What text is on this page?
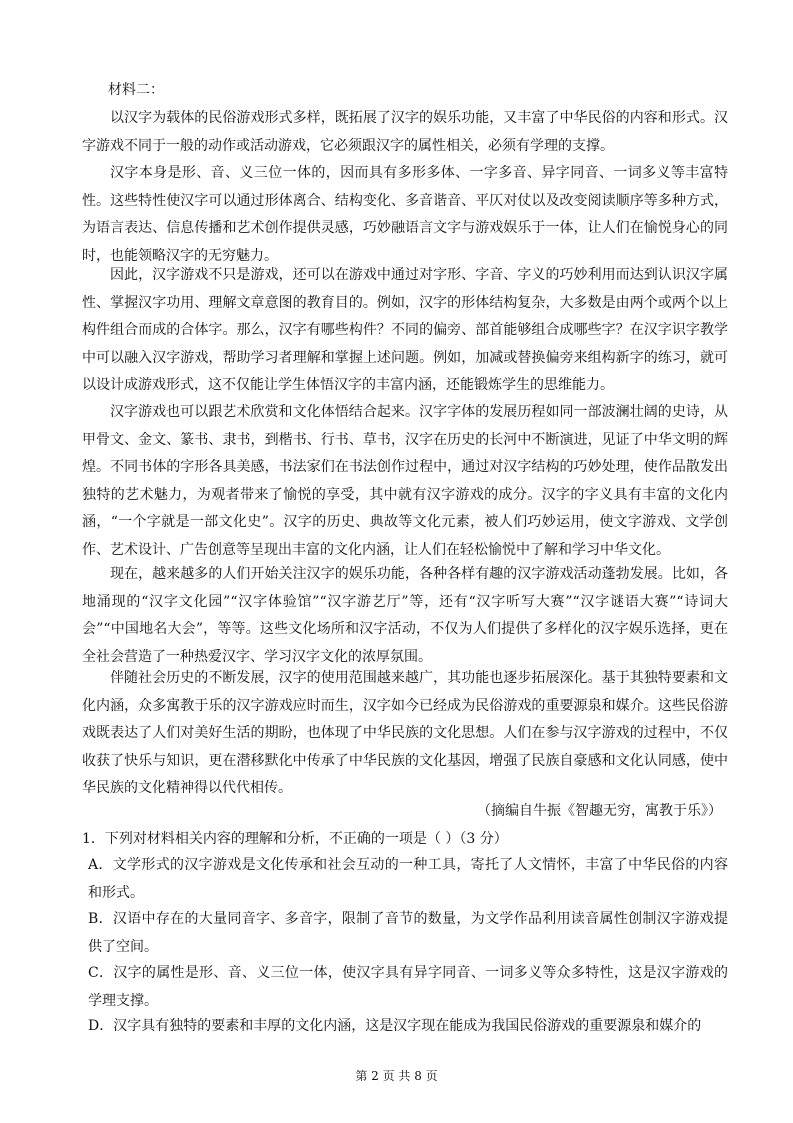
材料二：

以汉字为载体的民俗游戏形式多样，既拓展了汉字的娱乐功能，又丰富了中华民俗的内容和形式。汉字游戏不同于一般的动作或活动游戏，它必须跟汉字的属性相关，必须有学理的支撑。

汉字本身是形、音、义三位一体的，因而具有多形多体、一字多音、异字同音、一词多义等丰富特性。这些特性使汉字可以通过形体离合、结构变化、多音谐音、平仄对仗以及改变阅读顺序等多种方式，为语言表达、信息传播和艺术创作提供灵感，巧妙融语言文字与游戏娱乐于一体，让人们在愉悦身心的同时，也能领略汉字的无穷魅力。

因此，汉字游戏不只是游戏，还可以在游戏中通过对字形、字音、字义的巧妙利用而达到认识汉字属性、掌握汉字功用、理解文章意图的教育目的。例如，汉字的形体结构复杂，大多数是由两个或两个以上构件组合而成的合体字。那么，汉字有哪些构件？不同的偏旁、部首能够组合成哪些字？在汉字识字教学中可以融入汉字游戏，帮助学习者理解和掌握上述问题。例如，加减或替换偏旁来组构新字的练习，就可以设计成游戏形式，这不仅能让学生体悟汉字的丰富内涵，还能锻炼学生的思维能力。

汉字游戏也可以跟艺术欣赏和文化体悟结合起来。汉字字体的发展历程如同一部波澜壮阔的史诗，从甲骨文、金文、篆书、隶书，到楷书、行书、草书，汉字在历史的长河中不断演进，见证了中华文明的辉煌。不同书体的字形各具美感，书法家们在书法创作过程中，通过对汉字结构的巧妙处理，使作品散发出独特的艺术魅力，为观者带来了愉悦的享受，其中就有汉字游戏的成分。汉字的字义具有丰富的文化内涵，“一个字就是一部文化史”。汉字的历史、典故等文化元素，被人们巧妙运用，使文字游戏、文学创作、艺术设计、广告创意等呈现出丰富的文化内涵，让人们在轻松愉悦中了解和学习中华文化。

现在，越来越多的人们开始关注汉字的娱乐功能，各种各样有趣的汉字游戏活动蓬勃发展。比如，各地涌现的“汉字文化园”“汉字体验馆”“汉字游艺厅”等，还有“汉字听写大赛”“汉字谜语大赛”“诗词大会”“中国地名大会”，等等。这些文化场所和汉字活动，不仅为人们提供了多样化的汉字娱乐选择，更在全社会营造了一种热爱汉字、学习汉字文化的浓厚氛围。

伴随社会历史的不断发展，汉字的使用范围越来越广，其功能也逐步拓展深化。基于其独特要素和文化内涵，众多寓教于乐的汉字游戏应时而生，汉字如今已经成为民俗游戏的重要源泉和媒介。这些民俗游戏既表达了人们对美好生活的期盼，也体现了中华民族的文化思想。人们在参与汉字游戏的过程中，不仅收获了快乐与知识，更在潜移默化中传承了中华民族的文化基因，增强了民族自豪感和文化认同感，使中华民族的文化精神得以代代相传。

（摘编自牛振《智趣无穷，寓教于乐》）
1．下列对材料相关内容的理解和分析，不正确的一项是（ ）（3 分）

A．文学形式的汉字游戏是文化传承和社会互动的一种工具，寄托了人文情怀，丰富了中华民俗的内容和形式。

B．汉语中存在的大量同音字、多音字，限制了音节的数量，为文学作品利用读音属性创制汉字游戏提供了空间。

C．汉字的属性是形、音、义三位一体，使汉字具有异字同音、一词多义等众多特性，这是汉字游戏的学理支撑。

D．汉字具有独特的要素和丰厚的文化内涵，这是汉字现在能成为我国民俗游戏的重要源泉和媒介的

第 2 页 共 8 页
